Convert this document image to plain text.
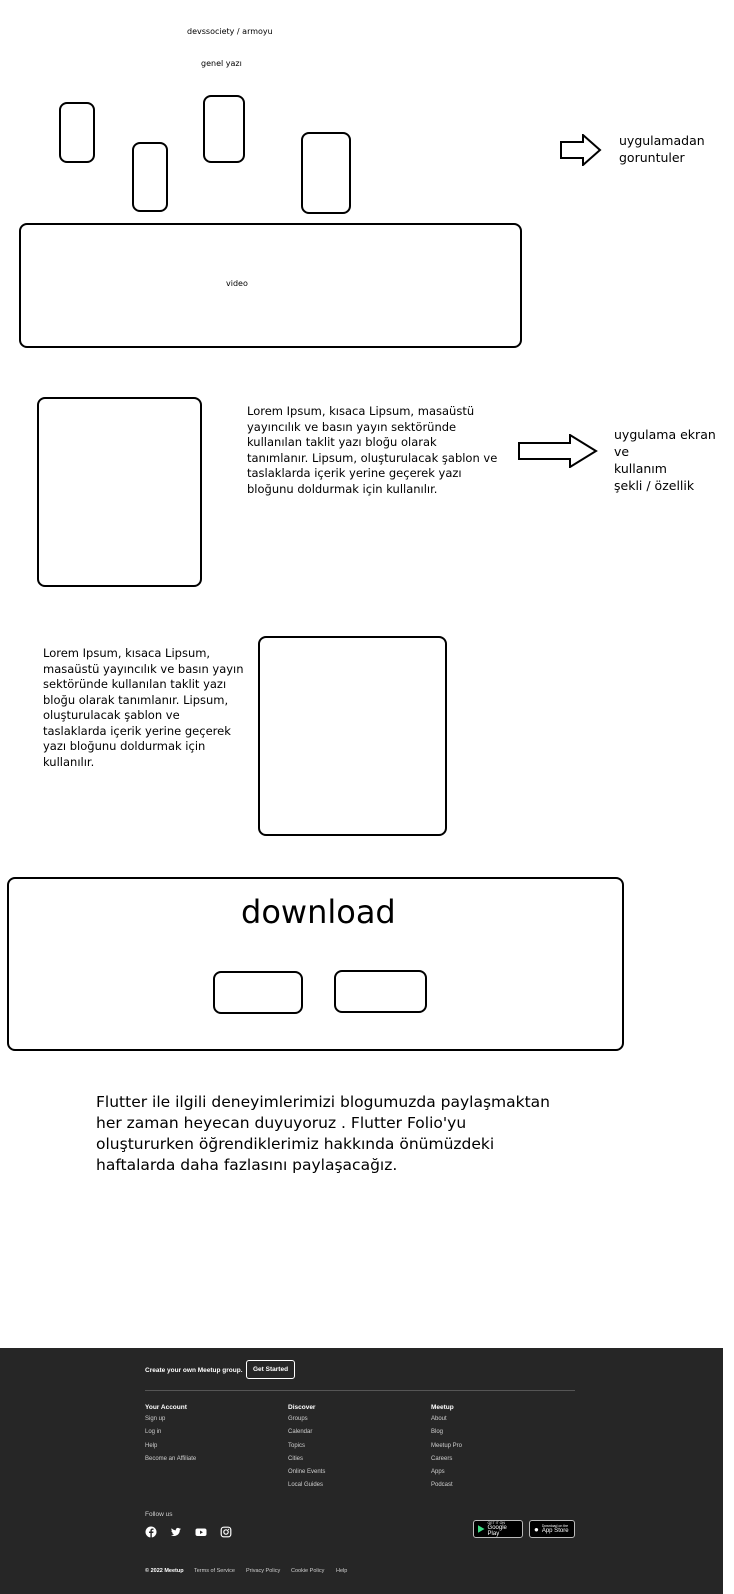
devssociety / armoyu
genel yazı
uygulamadan
goruntuler
video
Lorem Ipsum, kısaca Lipsum, masaüstü
yayıncılık ve basın yayın sektöründe
kullanılan taklit yazı bloğu olarak
tanımlanır. Lipsum, oluşturulacak şablon ve
taslaklarda içerik yerine geçerek yazı
bloğunu doldurmak için kullanılır.
uygulama ekran ve
kullanım
şekli / özellik
Lorem Ipsum, kısaca Lipsum,
masaüstü yayıncılık ve basın yayın
sektöründe kullanılan taklit yazı
bloğu olarak tanımlanır. Lipsum,
oluşturulacak şablon ve
taslaklarda içerik yerine geçerek
yazı bloğunu doldurmak için
kullanılır.
download
Flutter ile ilgili deneyimlerimizi blogumuzda paylaşmaktan
her zaman heyecan duyuyoruz . Flutter Folio'yu
oluştururken öğrendiklerimiz hakkında önümüzdeki
haftalarda daha fazlasını paylaşacağız.
Create your own Meetup group.	Get Started
Your Account
Sign up
Log in
Help
Become an Affiliate
Discover
Groups
Calendar
Topics
Cities
Online Events
Local Guides
Meetup
About
Blog
Meetup Pro
Careers
Apps
Podcast
Follow us
GET IT ON
Google Play
● Download on the
App Store
© 2022 Meetup Terms of Service Privacy Policy Cookie Policy Help
